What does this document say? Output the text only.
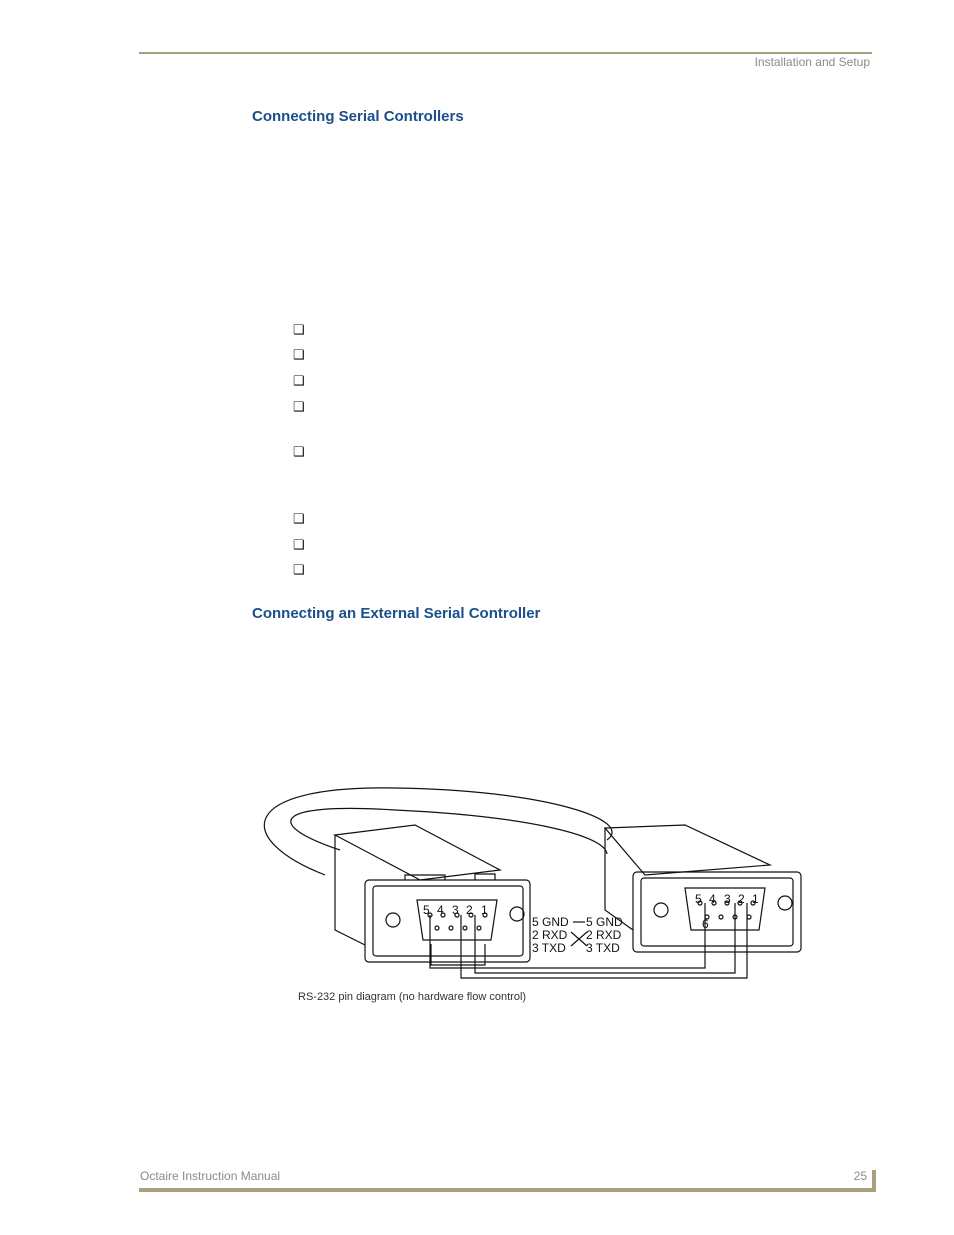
Installation and Setup
Connecting Serial Controllers
❑
❑
❑
❑
❑
❑
❑
❑
Connecting an External Serial Controller
5 4 3 2 1
5 4 3 2 1
6
5 GND
2 RXD
3 TXD
5 GND
2 RXD
3 TXD
RS-232 pin diagram (no hardware flow control)
Octaire Instruction Manual	25
